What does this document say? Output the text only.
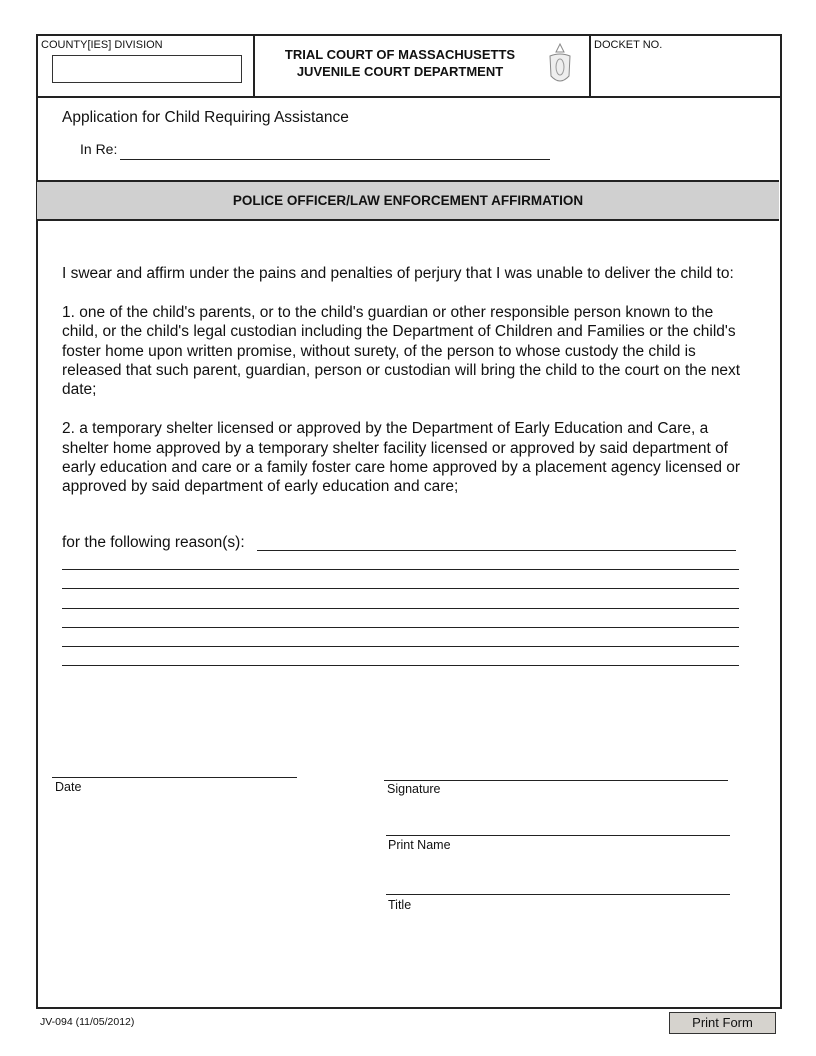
COUNTY[IES] DIVISION
TRIAL COURT OF MASSACHUSETTS
JUVENILE COURT DEPARTMENT
DOCKET NO.
Application for Child Requiring Assistance
In Re:
POLICE OFFICER/LAW ENFORCEMENT AFFIRMATION

I swear and affirm under the pains and penalties of perjury that I was unable to deliver the child to:

1. one of the child's parents, or to the child's guardian or other responsible person known to the child, or the child's legal custodian including the Department of Children and Families or the child's foster home upon written promise, without surety, of the person to whose custody the child is released that such parent, guardian, person or custodian will bring the child to the court on the next date;

2. a temporary shelter licensed or approved by the Department of Early Education and Care, a shelter home approved by a temporary shelter facility licensed or approved by said department of early education and care or a family foster care home approved by a placement agency licensed or approved by said department of early education and care;

for the following reason(s):
Date	Signature
Print Name
Title
JV-094 (11/05/2012)	Print Form
